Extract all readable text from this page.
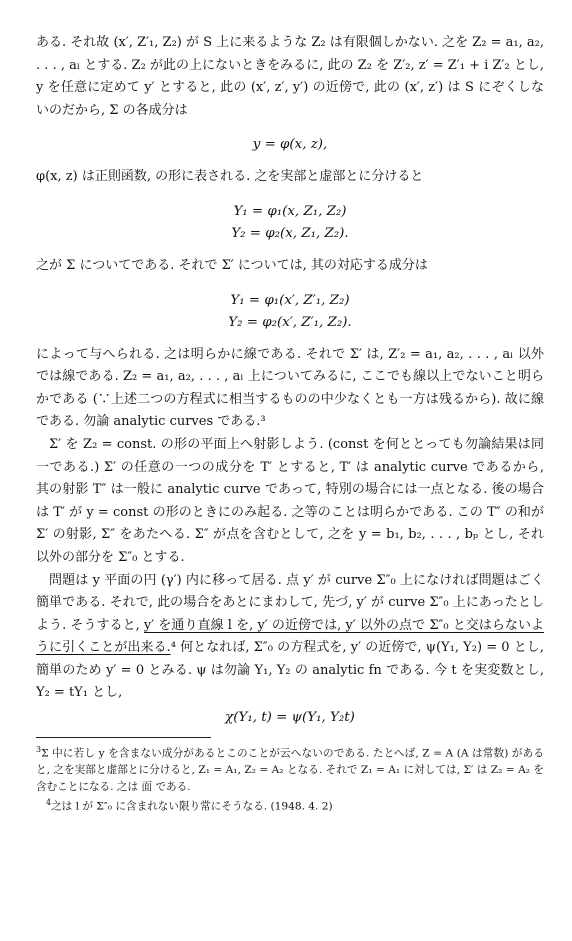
ある. それ故 (x′, Z′₁, Z₂) が S 上に来るような Z₂ は有限個しかない. 之を Z₂ = a₁, a₂, . . . , aₗ とする. Z₂ が此の上にないときをみるに, 此の Z₂ を Z′₂, z′ = Z′₁ + i Z′₂ とし, y を任意に定めて y′ とすると, 此の (x′, z′, y′) の近傍で, 此の (x′, z′) は S にぞくしないのだから, Σ の各成分は

y = φ(x, z),

φ(x, z) は正則函数, の形に表される. 之を実部と虚部とに分けると

Y₁ = φ₁(x, Z₁, Z₂)

Y₂ = φ₂(x, Z₁, Z₂).

之が Σ についてである. それで Σ′ については, 其の対応する成分は

Y₁ = φ₁(x′, Z′₁, Z₂)

Y₂ = φ₂(x′, Z′₁, Z₂).

によって与へられる. 之は明らかに線である. それで Σ′ は, Z′₂ = a₁, a₂, . . . , aₗ 以外では線である. Z₂ = a₁, a₂, . . . , aₗ 上についてみるに, ここでも線以上でないこと明らかである (∵上述二つの方程式に相当するものの中少なくとも一方は残るから). 故に線である. 勿論 analytic curves である.³

Σ′ を Z₂ = const. の形の平面上へ射影しよう. (const を何ととっても勿論結果は同一である.) Σ′ の任意の一つの成分を T′ とすると, T′ は analytic curve であるから, 其の射影 T″ は一般に analytic curve であって, 特別の場合には一点となる. 後の場合は T′ が y = const の形のときにのみ起る. 之等のことは明らかである. この T″ の和が Σ′ の射影, Σ″ をあたへる. Σ″ が点を含むとして, 之を y = b₁, b₂, . . . , bₚ とし, それ以外の部分を Σ″₀ とする.

問題は y 平面の円 (γ′) 内に移って居る. 点 y′ が curve Σ″₀ 上になければ問題はごく簡単である. それで, 此の場合をあとにまわして, 先づ, y′ が curve Σ″₀ 上にあったとしよう. そうすると, y′ を通り直線 l を, y′ の近傍では, y′ 以外の点で Σ″₀ と交はらないように引くことが出来る.⁴ 何となれば, Σ″₀ の方程式を, y′ の近傍で, ψ(Y₁, Y₂) = 0 とし, 簡単のため y′ = 0 とみる. ψ は勿論 Y₁, Y₂ の analytic fn である. 今 t を実変数とし, Y₂ = tY₁ とし,

χ(Y₁, t) = ψ(Y₁, Y₂t)

$^3$Σ 中に若し y を含まない成分があるとこのことが云へないのである. たとへば, Z = A (A は常数) があると, 之を実部と虚部とに分けると, Z₁ = A₁, Z₂ = A₂ となる. それで Z₁ = A₁ に対しては, Σ′ は Z₂ = A₂ を含むことになる. 之は 面 である.

$^4$之は l が Σ″₀ に含まれない限り常にそうなる. (1948. 4. 2)
